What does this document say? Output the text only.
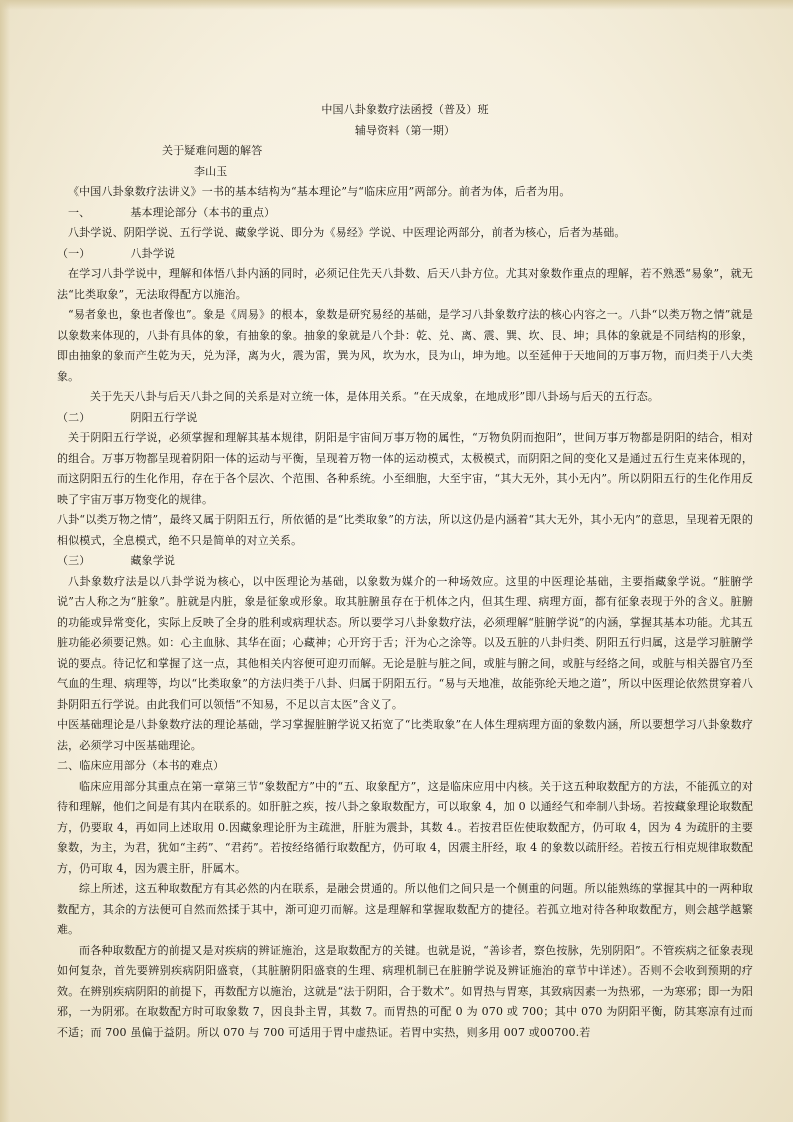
中国八卦象数疗法函授（普及）班

辅导资料（第一期）

关于疑难问题的解答

李山玉

《中国八卦象数疗法讲义》一书的基本结构为“基本理论”与“临床应用”两部分。前者为体，后者为用。

一、	基本理论部分（本书的重点）

八卦学说、阴阳学说、五行学说、藏象学说、即分为《易经》学说、中医理论两部分，前者为核心，后者为基础。

（一）	八卦学说

在学习八卦学说中，理解和体悟八卦内涵的同时，必须记住先天八卦数、后天八卦方位。尤其对象数作重点的理解，若不熟悉“易象”，就无法“比类取象”，无法取得配方以施治。

“易者象也，象也者像也”。象是《周易》的根本，象数是研究易经的基础，是学习八卦象数疗法的核心内容之一。八卦“以类万物之情”就是以象数来体现的，八卦有具体的象，有抽象的象。抽象的象就是八个卦：乾、兑、离、震、巽、坎、艮、坤；具体的象就是不同结构的形象，即由抽象的象而产生乾为天，兑为泽，离为火，震为雷，巽为风，坎为水，艮为山，坤为地。以至延伸于天地间的万事万物，而归类于八大类象。

关于先天八卦与后天八卦之间的关系是对立统一体，是体用关系。“在天成象，在地成形”即八卦场与后天的五行态。

（二）	阴阳五行学说

关于阴阳五行学说，必须掌握和理解其基本规律，阴阳是宇宙间万事万物的属性，“万物负阴而抱阳”，世间万事万物都是阴阳的结合，相对的组合。万事万物都呈现着阴阳一体的运动与平衡，呈现着万物一体的运动模式，太极模式，而阴阳之间的变化又是通过五行生克来体现的，而这阴阳五行的生化作用，存在于各个层次、个范围、各种系统。小至细胞，大至宇宙，“其大无外，其小无内”。所以阴阳五行的生化作用反映了宇宙万事万物变化的规律。

八卦“以类万物之情”，最终又属于阴阳五行，所依循的是“比类取象”的方法，所以这仍是内涵着“其大无外，其小无内”的意思，呈现着无限的相似模式，全息模式，绝不只是简单的对立关系。

（三）	藏象学说

八卦象数疗法是以八卦学说为核心，以中医理论为基础，以象数为媒介的一种场效应。这里的中医理论基础，主要指藏象学说。“脏腑学说”古人称之为“脏象”。脏就是内脏，象是征象或形象。取其脏腑虽存在于机体之内，但其生理、病理方面，都有征象表现于外的含义。脏腑的功能或异常变化，实际上反映了全身的胜利或病理状态。所以要学习八卦象数疗法，必须理解“脏腑学说”的内涵，掌握其基本功能。尤其五脏功能必须要记熟。如：心主血脉、其华在面；心藏神；心开窍于舌；汗为心之涂等。以及五脏的八卦归类、阴阳五行归属，这是学习脏腑学说的要点。待记忆和掌握了这一点，其他相关内容便可迎刃而解。无论是脏与脏之间，或脏与腑之间，或脏与经络之间，或脏与相关器官乃至气血的生理、病理等，均以“比类取象”的方法归类于八卦、归属于阴阳五行。“易与天地准，故能弥纶天地之道”，所以中医理论依然贯穿着八卦阴阳五行学说。由此我们可以领悟“不知易，不足以言太医”含义了。

中医基础理论是八卦象数疗法的理论基础，学习掌握脏腑学说又拓宽了“比类取象”在人体生理病理方面的象数内涵，所以要想学习八卦象数疗法，必须学习中医基础理论。

二、临床应用部分（本书的难点）

临床应用部分其重点在第一章第三节“象数配方”中的“五、取象配方”，这是临床应用中内核。关于这五种取数配方的方法，不能孤立的对待和理解，他们之间是有其内在联系的。如肝脏之疾，按八卦之象取数配方，可以取象 4，加 0 以通经气和牵制八卦场。若按藏象理论取数配方，仍要取 4，再如同上述取用 0.因藏象理论肝为主疏泄，肝脏为震卦，其数 4.。若按君臣佐使取数配方，仍可取 4，因为 4 为疏肝的主要象数，为主，为君，犹如“主药”、“君药”。若按经络循行取数配方，仍可取 4，因震主肝经，取 4 的象数以疏肝经。若按五行相克规律取数配方，仍可取 4，因为震主肝，肝属木。

综上所述，这五种取数配方有其必然的内在联系，是融会贯通的。所以他们之间只是一个侧重的问题。所以能熟练的掌握其中的一两种取数配方，其余的方法便可自然而然揉于其中，渐可迎刃而解。这是理解和掌握取数配方的捷径。若孤立地对待各种取数配方，则会越学越繁难。

而各种取数配方的前提又是对疾病的辨证施治，这是取数配方的关键。也就是说，“善诊者，察色按脉，先别阴阳”。不管疾病之征象表现如何复杂，首先要辨别疾病阴阳盛衰，（其脏腑阴阳盛衰的生理、病理机制已在脏腑学说及辨证施治的章节中详述）。否则不会收到预期的疗效。在辨别疾病阴阳的前提下，再数配方以施治，这就是“法于阴阳，合于数术”。如胃热与胃寒，其致病因素一为热邪，一为寒邪；即一为阳邪，一为阴邪。在取数配方时可取象数 7，因良卦主胃，其数 7。而胃热的可配 0 为 070 或 700；其中 070 为阴阳平衡，防其寒凉有过而不适；而 700 虽偏于益阴。所以 070 与 700 可适用于胃中虚热证。若胃中实热，则多用 007 或00700.若
